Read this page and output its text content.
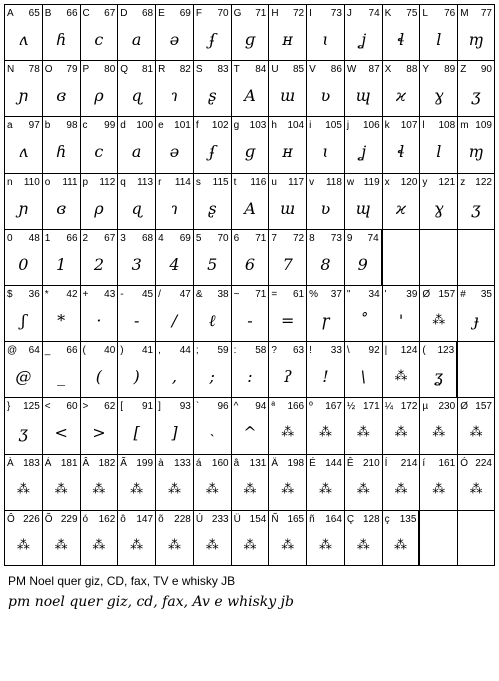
A 65
ʌ
B 66
ɦ
C 67
c
D 68
a
E 69
ə
F 70
ʄ
G 71
ɡ
H 72
ʜ
I 73
ɩ
J 74
ʝ
K 75
ɬ
L 76
l
M 77
ɱ
N 78
ɲ
O 79
ɞ
P 80
ρ
Q 81
ɋ
R 82
ɿ
S 83
ʂ
T 84
A
U 85
ɯ
V 86
ʋ
W 87
ɰ
X 88
ϰ
Y 89
ɣ
Z 90
ʒ
a 97
ʌ
b 98
ɦ
c 99
c
d 100
a
e 101
ə
f 102
ʄ
g 103
ɡ
h 104
ʜ
i 105
ɩ
j 106
ʝ
k 107
ɬ
l 108
l
m 109
ɱ
n 110
ɲ
o 111
ɞ
p 112
ρ
q 113
ɋ
r 114
ɿ
s 115
ʂ
t 116
A
u 117
ɯ
v 118
ʋ
w 119
ɰ
x 120
ϰ
y 121
ɣ
z 122
ʒ
0 48
0
1 66
1
2 67
2
3 68
3
4 69
4
5 70
5
6 71
6
7 72
7
8 73
8
9 74
9
$ 36
ʃ
* 42
*
+ 43
·
- 45
-
/ 47
/
& 38
ℓ
~ 71
-
= 61
=
% 37
ɼ
" 34
˚
' 39
'
Ø 157
⁂
# 35
ɟ
@ 64
@
_ 66
_
( 40
(
) 41
)
, 44
,
; 59
;
: 58
:
? 63
ʔ
! 33
!
\ 92
\
| 124
⁂
( 123
ʓ
} 125
ʒ
< 60
<
> 62
>
[ 91
[
] 93
]
` 96
˴
^ 94
^
ª 166
⁂
º 167
⁂
½ 171
⁂
¼ 172
⁂
µ 230
⁂
Ø 157
⁂
À 183
⁂
Á 181
⁂
Â 182
⁂
Ã 199
⁂
à 133
⁂
á 160
⁂
â 131
⁂
Ä 198
⁂
É 144
⁂
Ê 210
⁂
Í 214
⁂
í 161
⁂
Ó 224
⁂
Ô 226
⁂
Õ 229
⁂
ó 162
⁂
ô 147
⁂
õ 228
⁂
Ú 233
⁂
Ü 154
⁂
Ñ 165
⁂
ñ 164
⁂
Ç 128
⁂
ç 135
⁂
PM Noel quer giz, CD, fax, TV e whisky JB
pm noel quer giz, cd, fax, Av e whisky jb
